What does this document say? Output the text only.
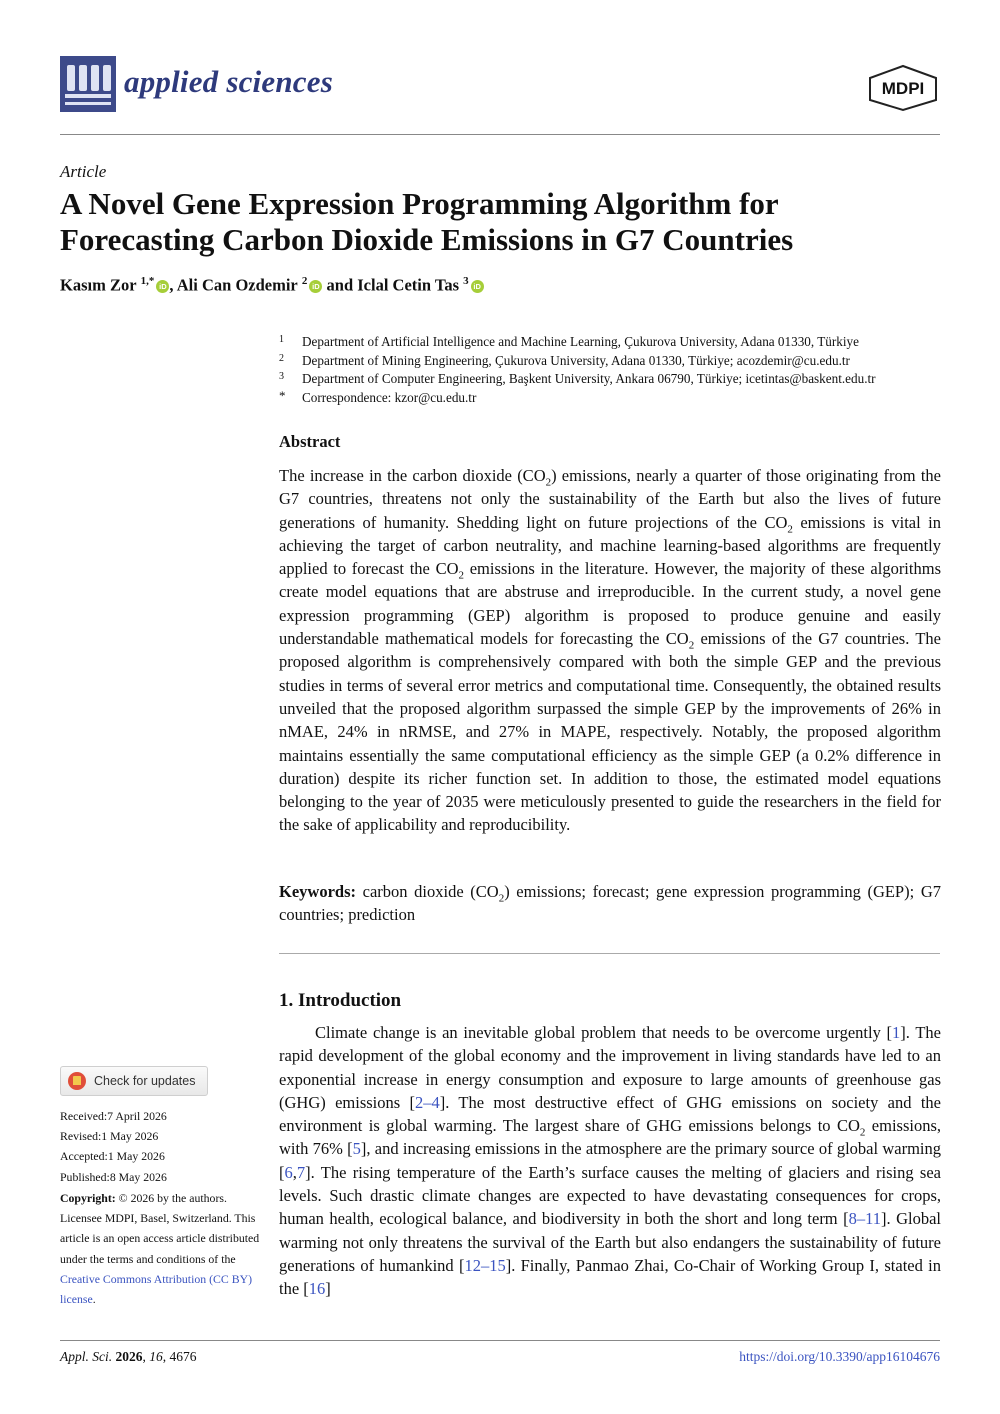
applied sciences	MDPI
Article
A Novel Gene Expression Programming Algorithm for Forecasting Carbon Dioxide Emissions in G7 Countries
Kasım Zor $^{1,*}$ iD , Ali Can Ozdemir $^2$ iD and Iclal Cetin Tas $^3$ iD
1	Department of Artificial Intelligence and Machine Learning, Çukurova University, Adana 01330, Türkiye
2	Department of Mining Engineering, Çukurova University, Adana 01330, Türkiye; acozdemir@cu.edu.tr
3	Department of Computer Engineering, Başkent University, Ankara 06790, Türkiye; icetintas@baskent.edu.tr
*	Correspondence: kzor@cu.edu.tr
Abstract
The increase in the carbon dioxide $(CO_2)$ emissions, nearly a quarter of those originating from the G7 countries, threatens not only the sustainability of the Earth but also the lives of future generations of humanity. Shedding light on future projections of the $CO_2$ emissions is vital in achieving the target of carbon neutrality, and machine learning-based algorithms are frequently applied to forecast the $CO_2$ emissions in the literature. However, the majority of these algorithms create model equations that are abstruse and irreproducible. In the current study, a novel gene expression programming (GEP) algorithm is proposed to produce genuine and easily understandable mathematical models for forecasting the $CO_2$ emissions of the G7 countries. The proposed algorithm is comprehensively compared with both the simple GEP and the previous studies in terms of several error metrics and computational time. Consequently, the obtained results unveiled that the proposed algorithm surpassed the simple GEP by the improvements of 26% in nMAE, 24% in nRMSE, and 27% in MAPE, respectively. Notably, the proposed algorithm maintains essentially the same computational efficiency as the simple GEP (a 0.2% difference in duration) despite its richer function set. In addition to those, the estimated model equations belonging to the year of 2035 were meticulously presented to guide the researchers in the field for the sake of applicability and reproducibility.
Keywords: carbon dioxide $(CO_2)$ emissions; forecast; gene expression programming (GEP); G7 countries; prediction
1. Introduction
Climate change is an inevitable global problem that needs to be overcome urgently [1]. The rapid development of the global economy and the improvement in living standards have led to an exponential increase in energy consumption and exposure to large amounts of greenhouse gas (GHG) emissions [2–4]. The most destructive effect of GHG emissions on society and the environment is global warming. The largest share of GHG emissions belongs to $CO_2$ emissions, with 76% [5], and increasing emissions in the atmosphere are the primary source of global warming [6,7]. The rising temperature of the Earth’s surface causes the melting of glaciers and rising sea levels. Such drastic climate changes are expected to have devastating consequences for crops, human health, ecological balance, and biodiversity in both the short and long term [8–11]. Global warming not only threatens the survival of the Earth but also endangers the sustainability of future generations of humankind [12–15]. Finally, Panmao Zhai, Co-Chair of Working Group I, stated in the [16]
Check for updates
Received:7 April 2026
Revised:1 May 2026
Accepted:1 May 2026
Published:8 May 2026
Copyright: © 2026 by the authors. Licensee MDPI, Basel, Switzerland. This article is an open access article distributed under the terms and conditions of the Creative Commons Attribution (CC BY) license.
Appl. Sci. 2026, 16, 4676	https://doi.org/10.3390/app16104676
